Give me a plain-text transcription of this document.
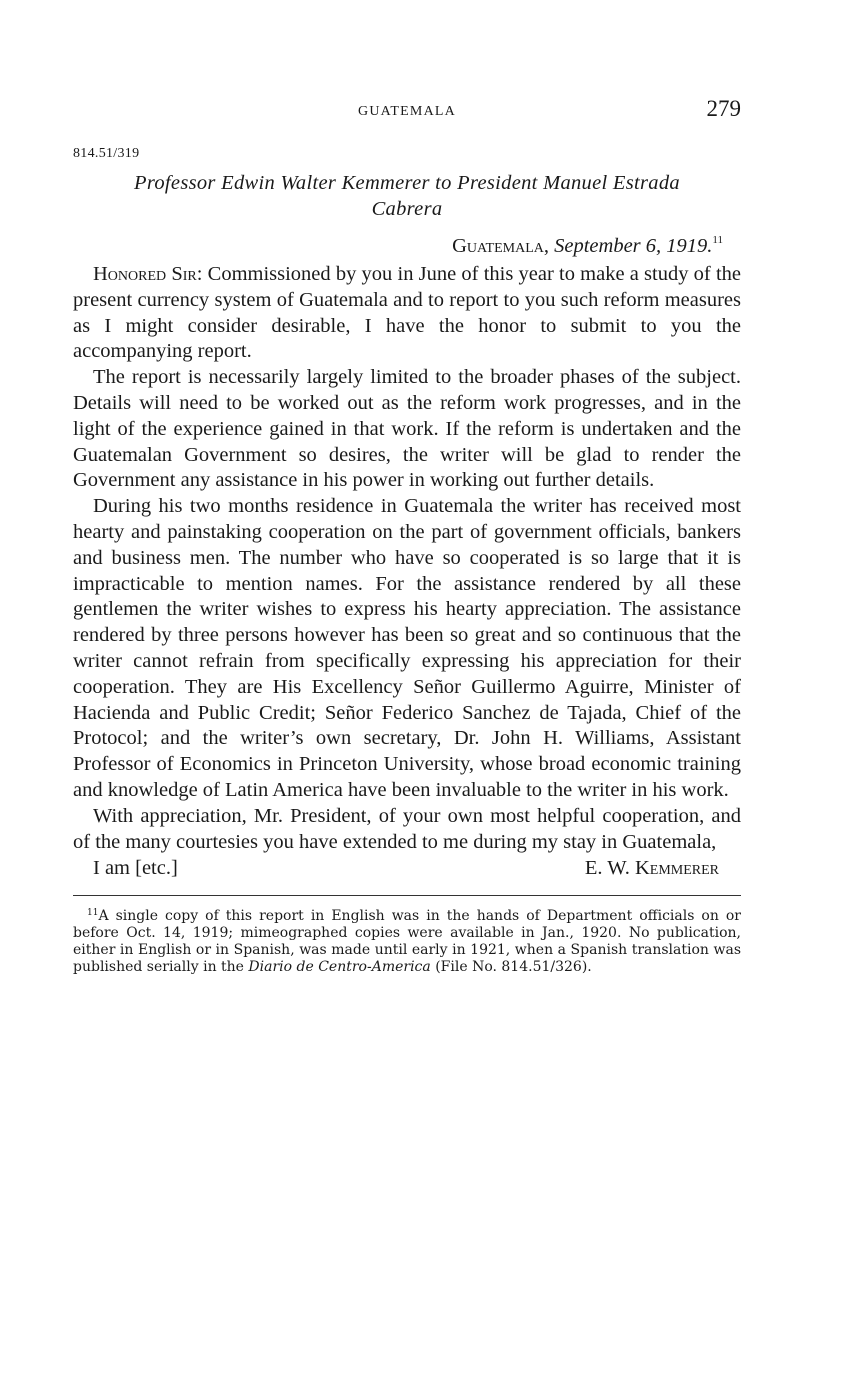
GUATEMALA	279
814.51/319
Professor Edwin Walter Kemmerer to President Manuel Estrada
Cabrera
Guatemala, September 6, 1919.11

Honored Sir: Commissioned by you in June of this year to make a study of the present currency system of Guatemala and to report to you such reform measures as I might consider desirable, I have the honor to submit to you the accompanying report.

The report is necessarily largely limited to the broader phases of the subject. Details will need to be worked out as the reform work progresses, and in the light of the experience gained in that work. If the reform is undertaken and the Guatemalan Government so desires, the writer will be glad to render the Government any assistance in his power in working out further details.

During his two months residence in Guatemala the writer has received most hearty and painstaking cooperation on the part of government officials, bankers and business men. The number who have so cooperated is so large that it is impracticable to mention names. For the assistance rendered by all these gentlemen the writer wishes to express his hearty appreciation. The assistance rendered by three persons however has been so great and so continuous that the writer cannot refrain from specifically expressing his appreciation for their cooperation. They are His Excellency Señor Guillermo Aguirre, Minister of Hacienda and Public Credit; Señor Federico Sanchez de Tajada, Chief of the Protocol; and the writer’s own secretary, Dr. John H. Williams, Assistant Professor of Economics in Princeton University, whose broad economic training and knowledge of Latin America have been invaluable to the writer in his work.

With appreciation, Mr. President, of your own most helpful cooperation, and of the many courtesies you have extended to me during my stay in Guatemala,

I am [etc.]	E. W. Kemmerer
$^{11}$A single copy of this report in English was in the hands of Department officials on or before Oct. 14, 1919; mimeographed copies were available in Jan., 1920. No publication, either in English or in Spanish, was made until early in 1921, when a Spanish translation was published serially in the Diario de Centro-America (File No. 814.51/326).
